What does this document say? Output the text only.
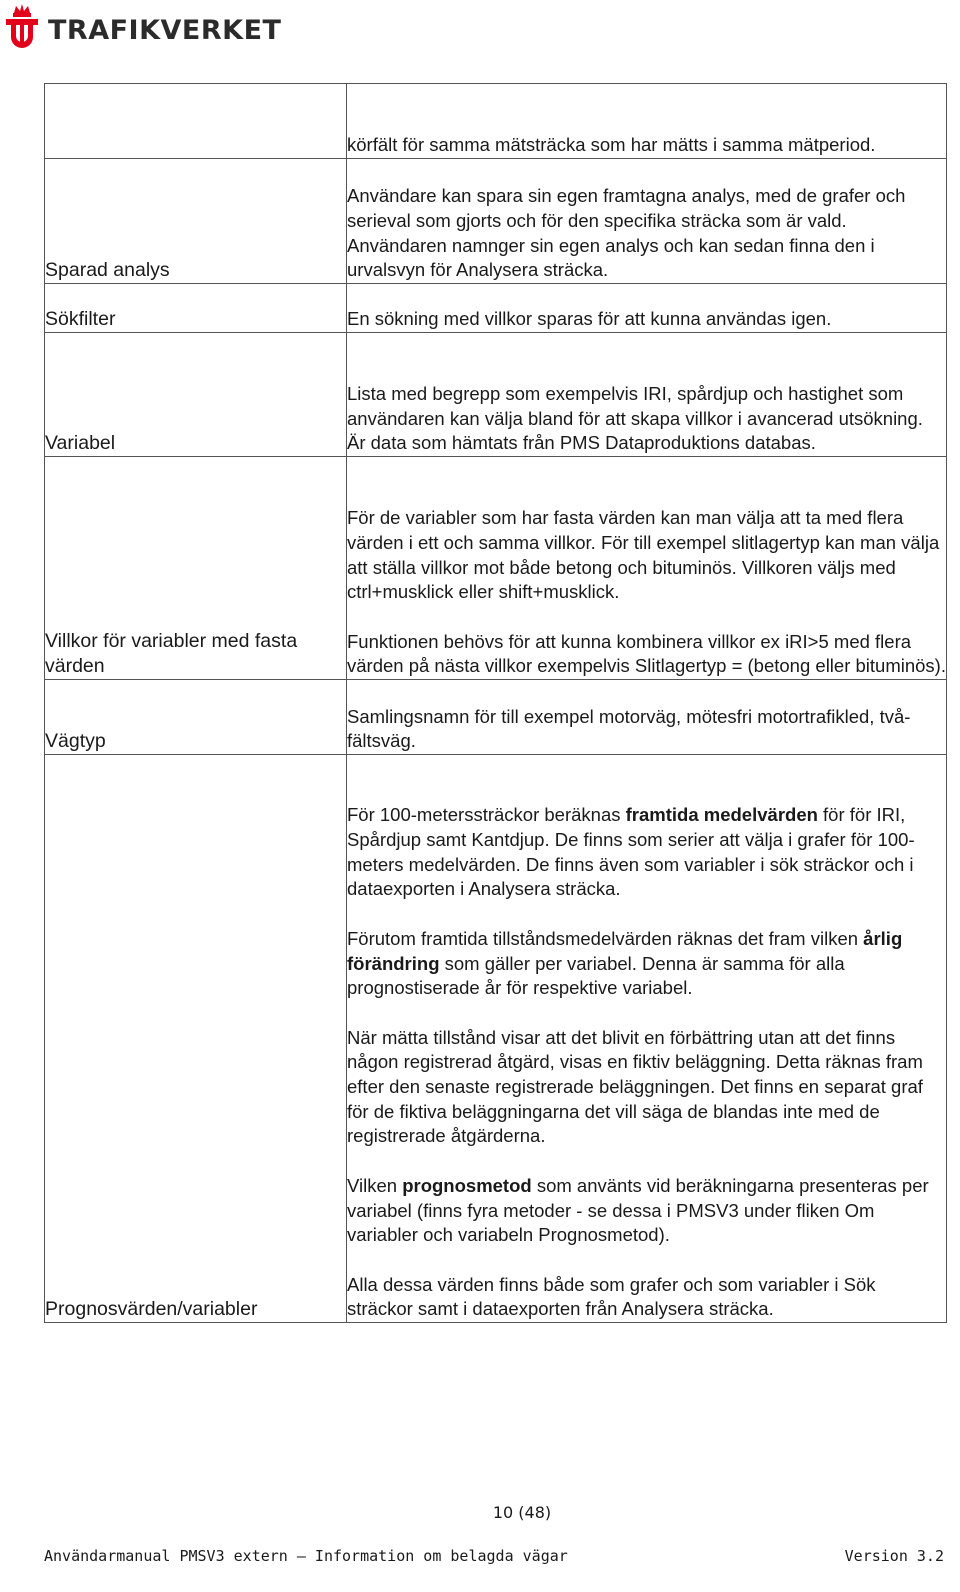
TRAFIKVERKET

	körfält för samma mätsträcka som har mätts i samma mätperiod.

Sparad analys	Användare kan spara sin egen framtagna analys, med de grafer och serieval som gjorts och för den specifika sträcka som är vald. Användaren namnger sin egen analys och kan sedan finna den i urvalsvyn för Analysera sträcka.

Sökfilter	En sökning med villkor sparas för att kunna användas igen.

Variabel	Lista med begrepp som exempelvis IRI, spårdjup och hastighet som användaren kan välja bland för att skapa villkor i avancerad utsökning. Är data som hämtats från PMS Dataproduktions databas.

Villkor för variabler med fasta värden	För de variabler som har fasta värden kan man välja att ta med flera värden i ett och samma villkor. För till exempel slitlagertyp kan man välja att ställa villkor mot både betong och bituminös. Villkoren väljs med ctrl+musklick eller shift+musklick.

Funktionen behövs för att kunna kombinera villkor ex iRI>5 med flera värden på nästa villkor exempelvis Slitlagertyp = (betong eller bituminös).

Vägtyp	Samlingsnamn för till exempel motorväg, mötesfri motortrafikled, två-fältsväg.

Prognosvärden/variabler	För 100-meterssträckor beräknas framtida medelvärden för för IRI, Spårdjup samt Kantdjup. De finns som serier att välja i grafer för 100-meters medelvärden. De finns även som variabler i sök sträckor och i dataexporten i Analysera sträcka.

Förutom framtida tillståndsmedelvärden räknas det fram vilken årlig förändring som gäller per variabel. Denna är samma för alla prognostiserade år för respektive variabel.

När mätta tillstånd visar att det blivit en förbättring utan att det finns någon registrerad åtgärd, visas en fiktiv beläggning. Detta räknas fram efter den senaste registrerade beläggningen. Det finns en separat graf för de fiktiva beläggningarna det vill säga de blandas inte med de registrerade åtgärderna.

Vilken prognosmetod som använts vid beräkningarna presenteras per variabel (finns fyra metoder - se dessa i PMSV3 under fliken Om variabler och variabeln Prognosmetod).

Alla dessa värden finns både som grafer och som variabler i Sök sträckor samt i dataexporten från Analysera sträcka.

10 (48)
Användarmanual PMSV3 extern – Information om belagda vägar	Version 3.2
